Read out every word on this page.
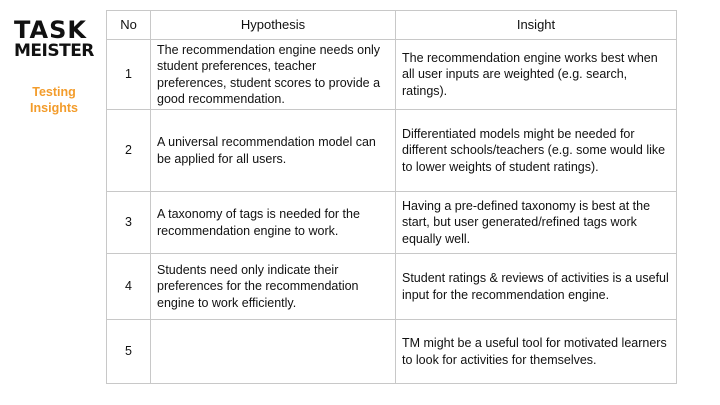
TASK
MEISTER
Testing
Insights
No	Hypothesis	Insight
1	The recommendation engine needs only student preferences, teacher preferences, student scores to provide a good recommendation.	The recommendation engine works best when all user inputs are weighted (e.g. search, ratings).
2	A universal recommendation model can be applied for all users.	Differentiated models might be needed for different schools/teachers (e.g. some would like to lower weights of student ratings).
3	A taxonomy of tags is needed for the recommendation engine to work.	Having a pre-defined taxonomy is best at the start, but user generated/refined tags work equally well.
4	Students need only indicate their preferences for the recommendation engine to work efficiently.	Student ratings & reviews of activities is a useful input for the recommendation engine.
5		TM might be a useful tool for motivated learners to look for activities for themselves.
